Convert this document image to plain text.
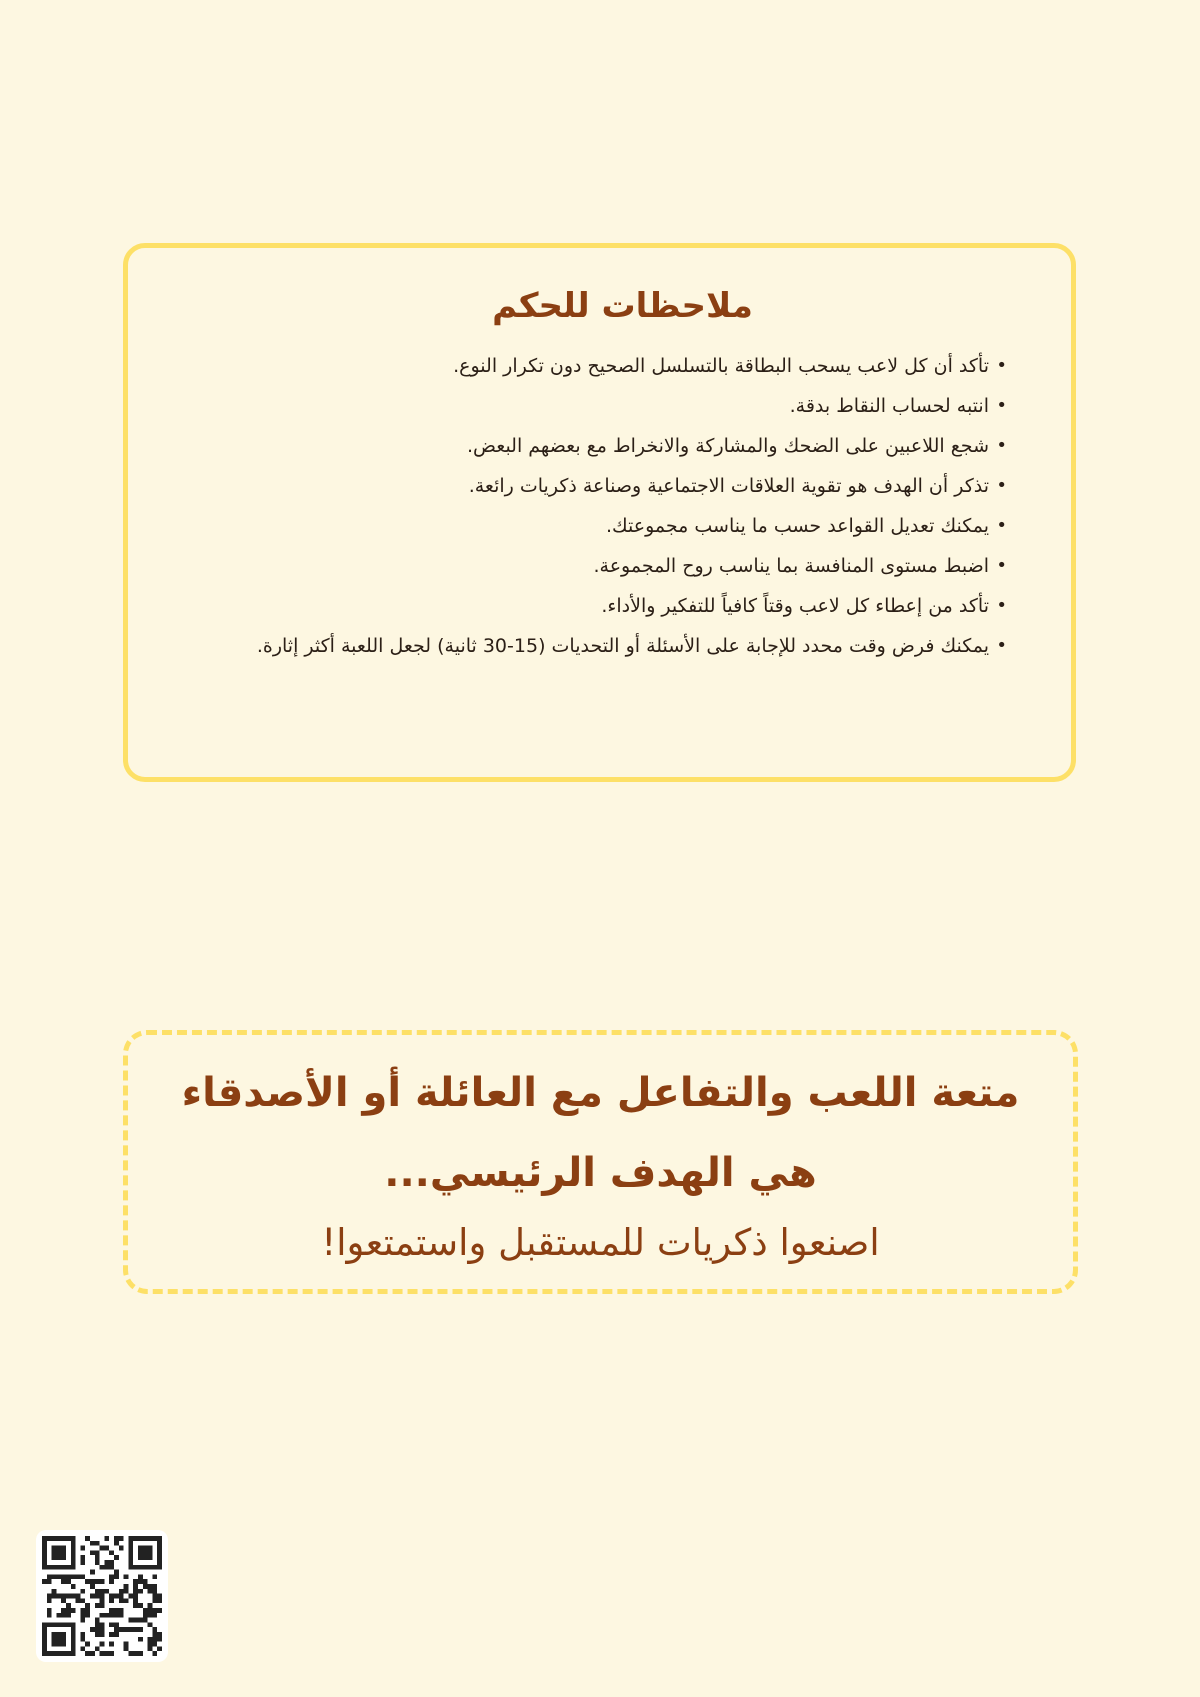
ملاحظات للحكم
• تأكد أن كل لاعب يسحب البطاقة بالتسلسل الصحيح دون تكرار النوع.
• انتبه لحساب النقاط بدقة.
• شجع اللاعبين على الضحك والمشاركة والانخراط مع بعضهم البعض.
• تذكر أن الهدف هو تقوية العلاقات الاجتماعية وصناعة ذكريات رائعة.
• يمكنك تعديل القواعد حسب ما يناسب مجموعتك.
• اضبط مستوى المنافسة بما يناسب روح المجموعة.
• تأكد من إعطاء كل لاعب وقتاً كافياً للتفكير والأداء.
• يمكنك فرض وقت محدد للإجابة على الأسئلة أو التحديات (15-30 ثانية) لجعل اللعبة أكثر إثارة.
متعة اللعب والتفاعل مع العائلة أو الأصدقاء
هي الهدف الرئيسي...
اصنعوا ذكريات للمستقبل واستمتعوا!
